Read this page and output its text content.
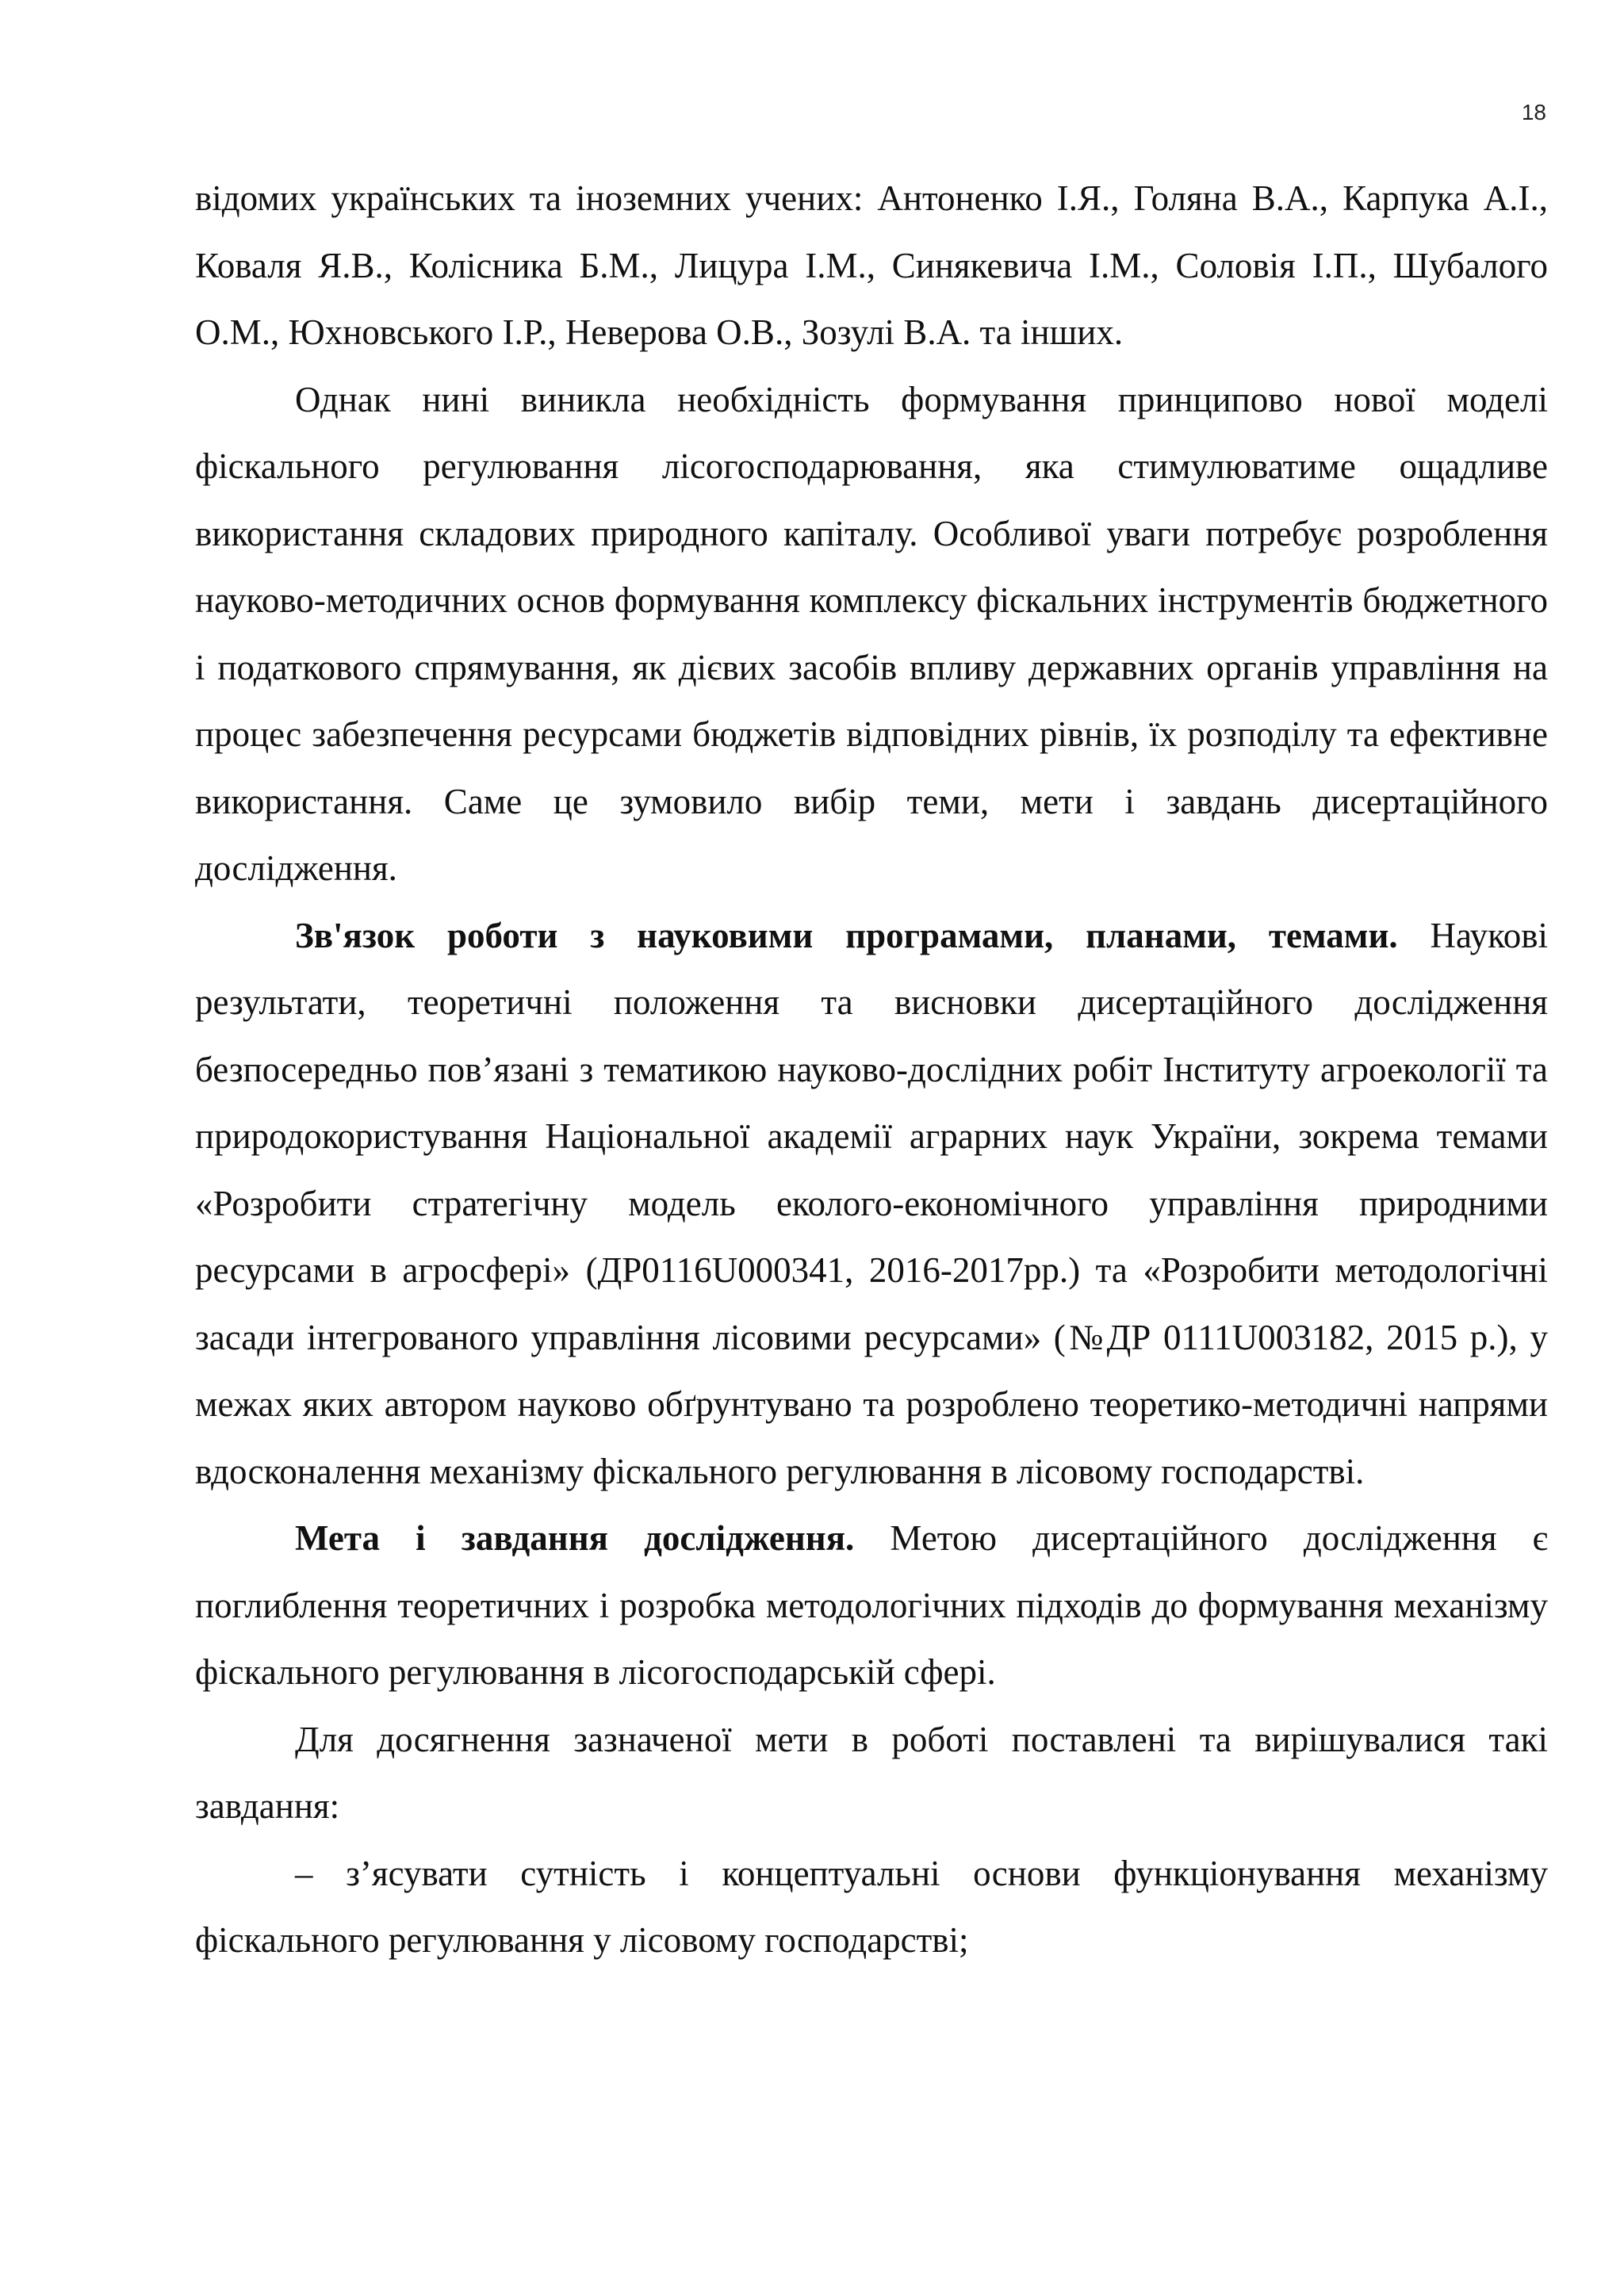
18

відомих українських та іноземних учених: Антоненко І.Я., Голяна В.А., Карпука А.І., Коваля Я.В., Колісника Б.М., Лицура І.М., Синякевича І.М., Соловія І.П., Шубалого О.М., Юхновського І.Р., Неверова О.В., Зозулі В.А. та інших.

Однак нині виникла необхідність формування принципово нової моделі фіскального регулювання лісогосподарювання, яка стимулюватиме ощадливе використання складових природного капіталу. Особливої уваги потребує розроблення науково-методичних основ формування комплексу фіскальних інструментів бюджетного і податкового спрямування, як дієвих засобів впливу державних органів управління на процес забезпечення ресурсами бюджетів відповідних рівнів, їх розподілу та ефективне використання. Саме це зумовило вибір теми, мети і завдань дисертаційного дослідження.

Зв'язок роботи з науковими програмами, планами, темами. Наукові результати, теоретичні положення та висновки дисертаційного дослідження безпосередньо пов’язані з тематикою науково-дослідних робіт Інституту агроекології та природокористування Національної академії аграрних наук України, зокрема темами «Розробити стратегічну модель еколого-економічного управління природними ресурсами в агросфері» (ДР0116U000341, 2016-2017рр.) та «Розробити методологічні засади інтегрованого управління лісовими ресурсами» (№ДР 0111U003182, 2015 р.), у межах яких автором науково обґрунтувано та розроблено теоретико-методичні напрями вдосконалення механізму фіскального регулювання в лісовому господарстві.

Мета і завдання дослідження. Метою дисертаційного дослідження є поглиблення теоретичних і розробка методологічних підходів до формування механізму фіскального регулювання в лісогосподарській сфері.

Для досягнення зазначеної мети в роботі поставлені та вирішувалися такі завдання:

– з’ясувати сутність і концептуальні основи функціонування механізму фіскального регулювання у лісовому господарстві;
